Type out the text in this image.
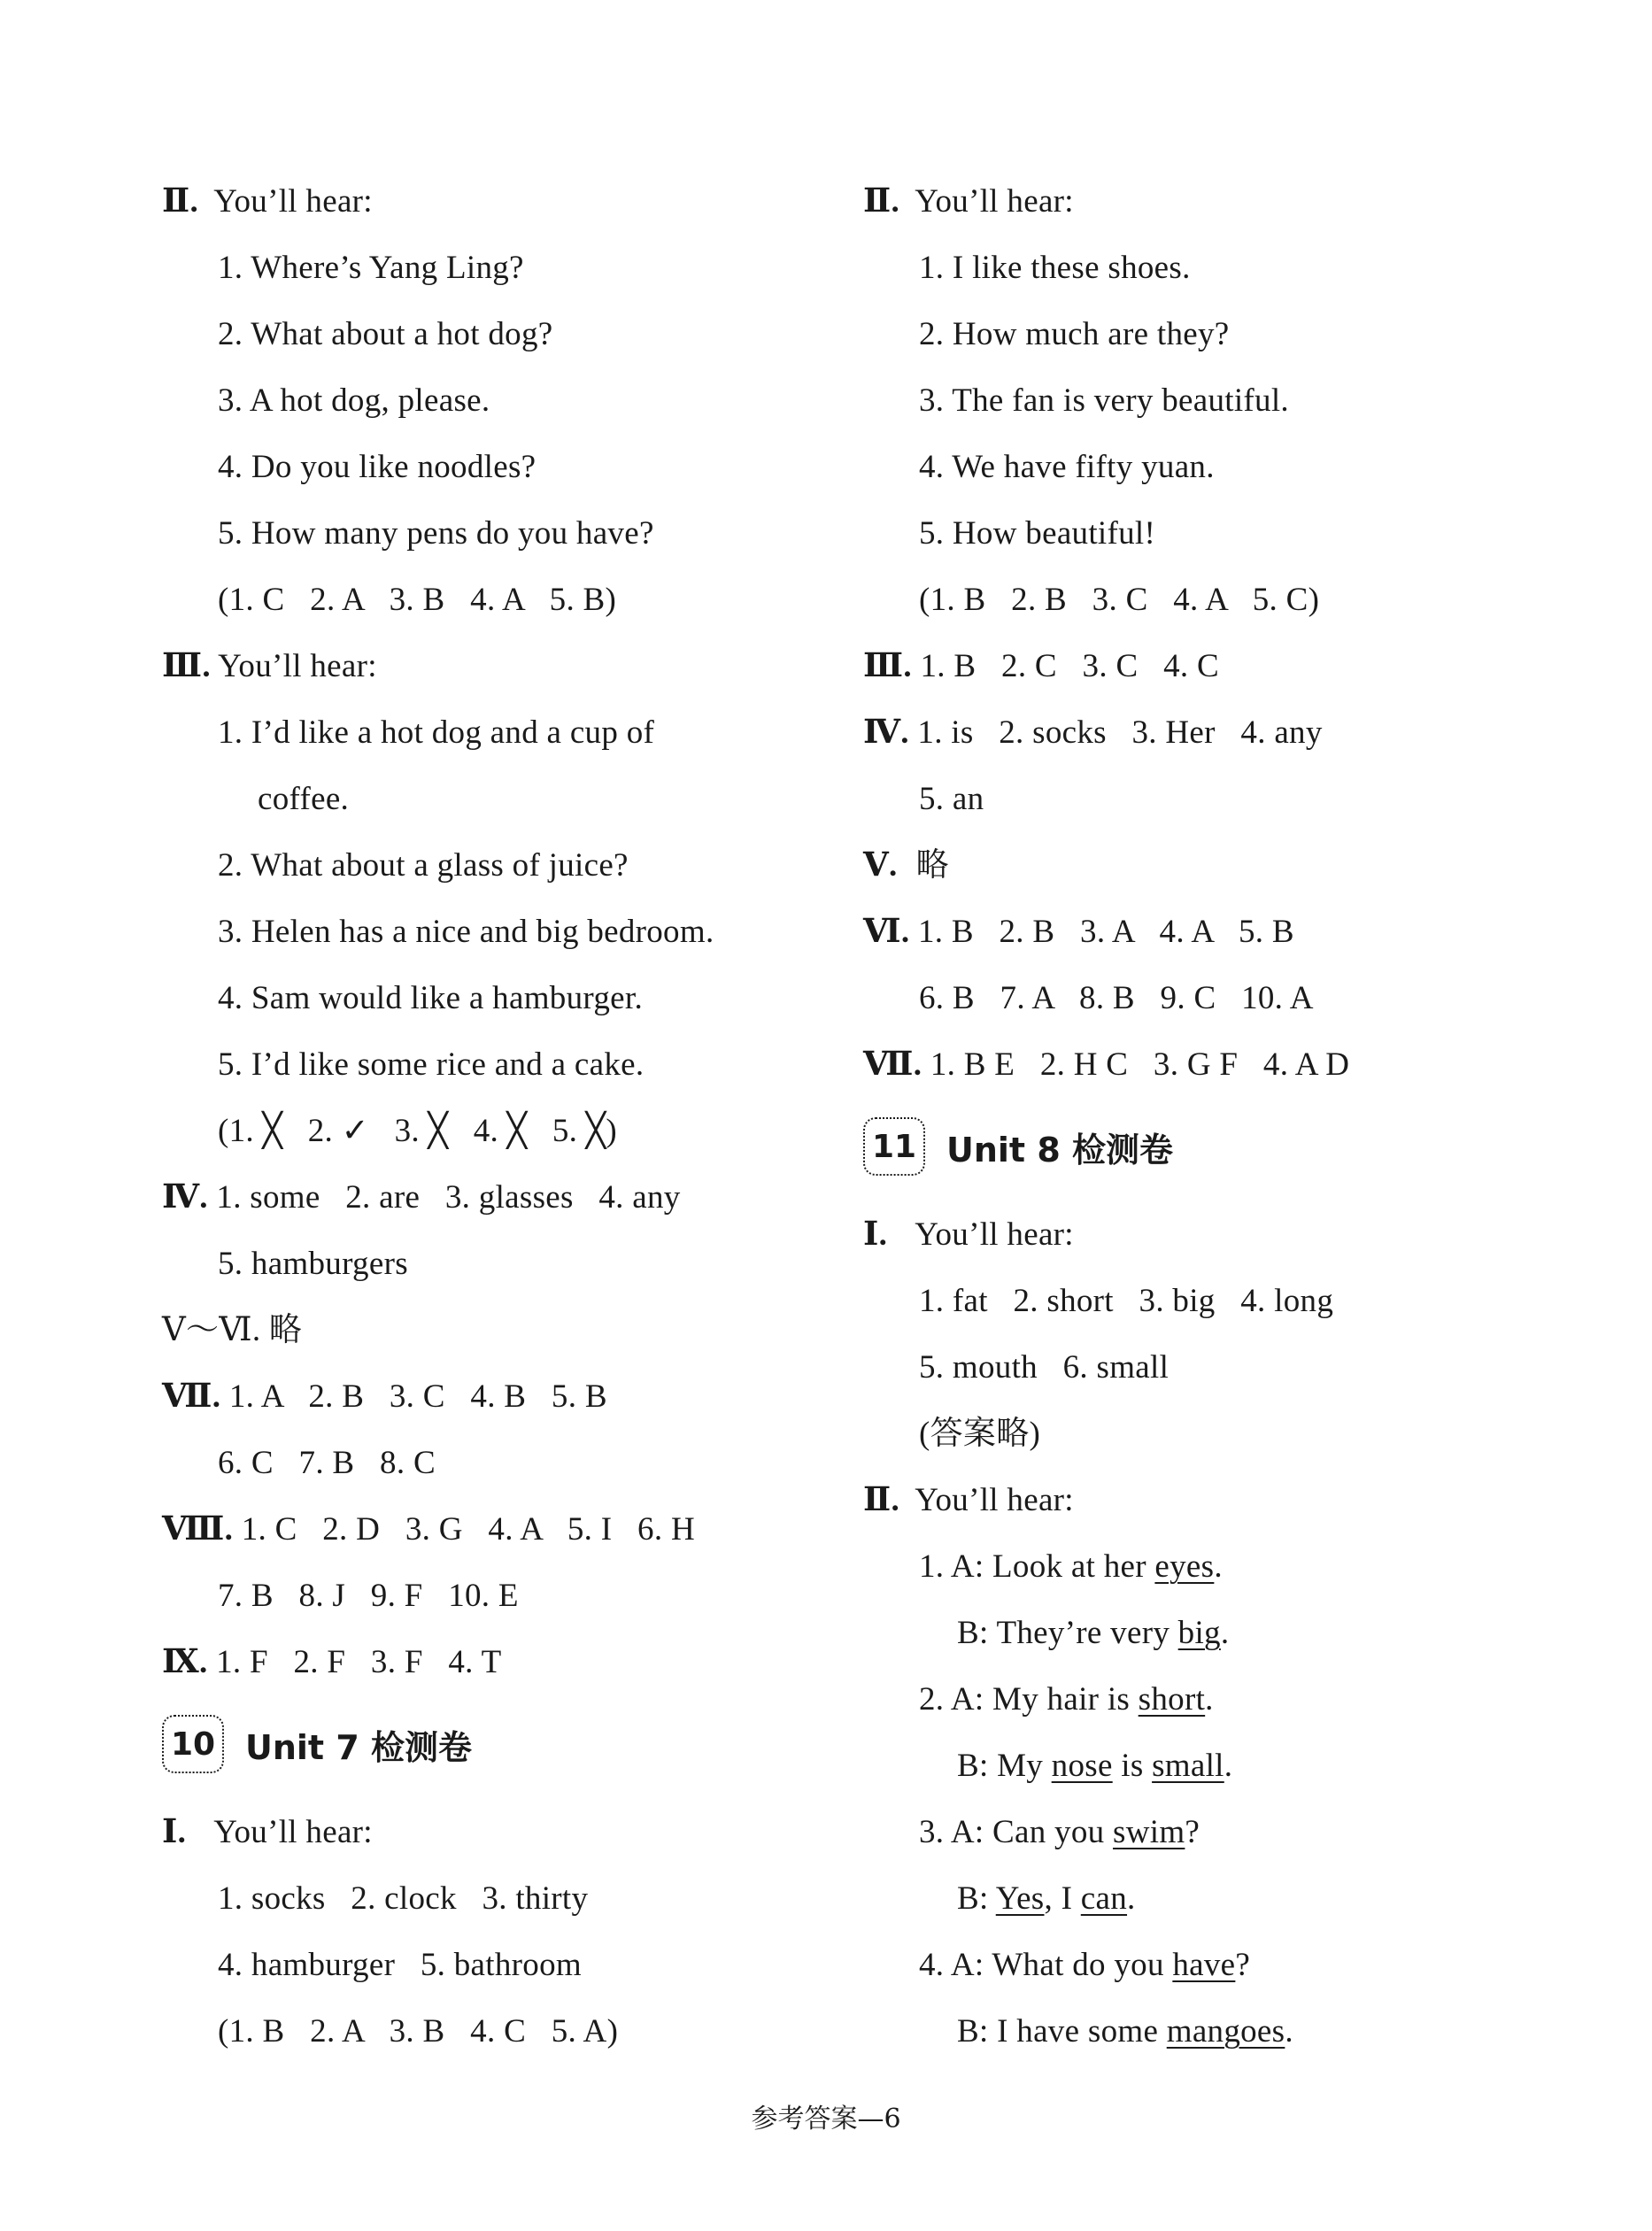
Ⅱ. You’ll hear:
1. Where’s Yang Ling?
2. What about a hot dog?
3. A hot dog, please.
4. Do you like noodles?
5. How many pens do you have?
(1. C   2. A   3. B   4. A   5. B)
Ⅲ. You’ll hear:
1. I’d like a hot dog and a cup of
coffee.
2. What about a glass of juice?
3. Helen has a nice and big bedroom.
4. Sam would like a hamburger.
5. I’d like some rice and a cake.
(1. ╳   2. ✓   3. ╳   4. ╳   5. ╳)
Ⅳ. 1. some   2. are   3. glasses   4. any
5. hamburgers
Ⅴ～Ⅵ. 略
Ⅶ. 1. A   2. B   3. C   4. B   5. B
6. C   7. B   8. C
Ⅷ. 1. C   2. D   3. G   4. A   5. I   6. H
7. B   8. J   9. F   10. E
Ⅸ. 1. F   2. F   3. F   4. T
10 Unit 7 检测卷
Ⅰ. You’ll hear:
1. socks   2. clock   3. thirty
4. hamburger   5. bathroom
(1. B   2. A   3. B   4. C   5. A)
Ⅱ. You’ll hear:
1. I like these shoes.
2. How much are they?
3. The fan is very beautiful.
4. We have fifty yuan.
5. How beautiful!
(1. B   2. B   3. C   4. A   5. C)
Ⅲ. 1. B   2. C   3. C   4. C
Ⅳ. 1. is   2. socks   3. Her   4. any
5. an
Ⅴ. 略
Ⅵ. 1. B   2. B   3. A   4. A   5. B
6. B   7. A   8. B   9. C   10. A
Ⅶ. 1. B E   2. H C   3. G F   4. A D
11 Unit 8 检测卷
Ⅰ. You’ll hear:
1. fat   2. short   3. big   4. long
5. mouth   6. small
(答案略)
Ⅱ. You’ll hear:
1. A: Look at her eyes.
B: They’re very big.
2. A: My hair is short.
B: My nose is small.
3. A: Can you swim?
B: Yes, I can.
4. A: What do you have?
B: I have some mangoes.
参考答案—6
